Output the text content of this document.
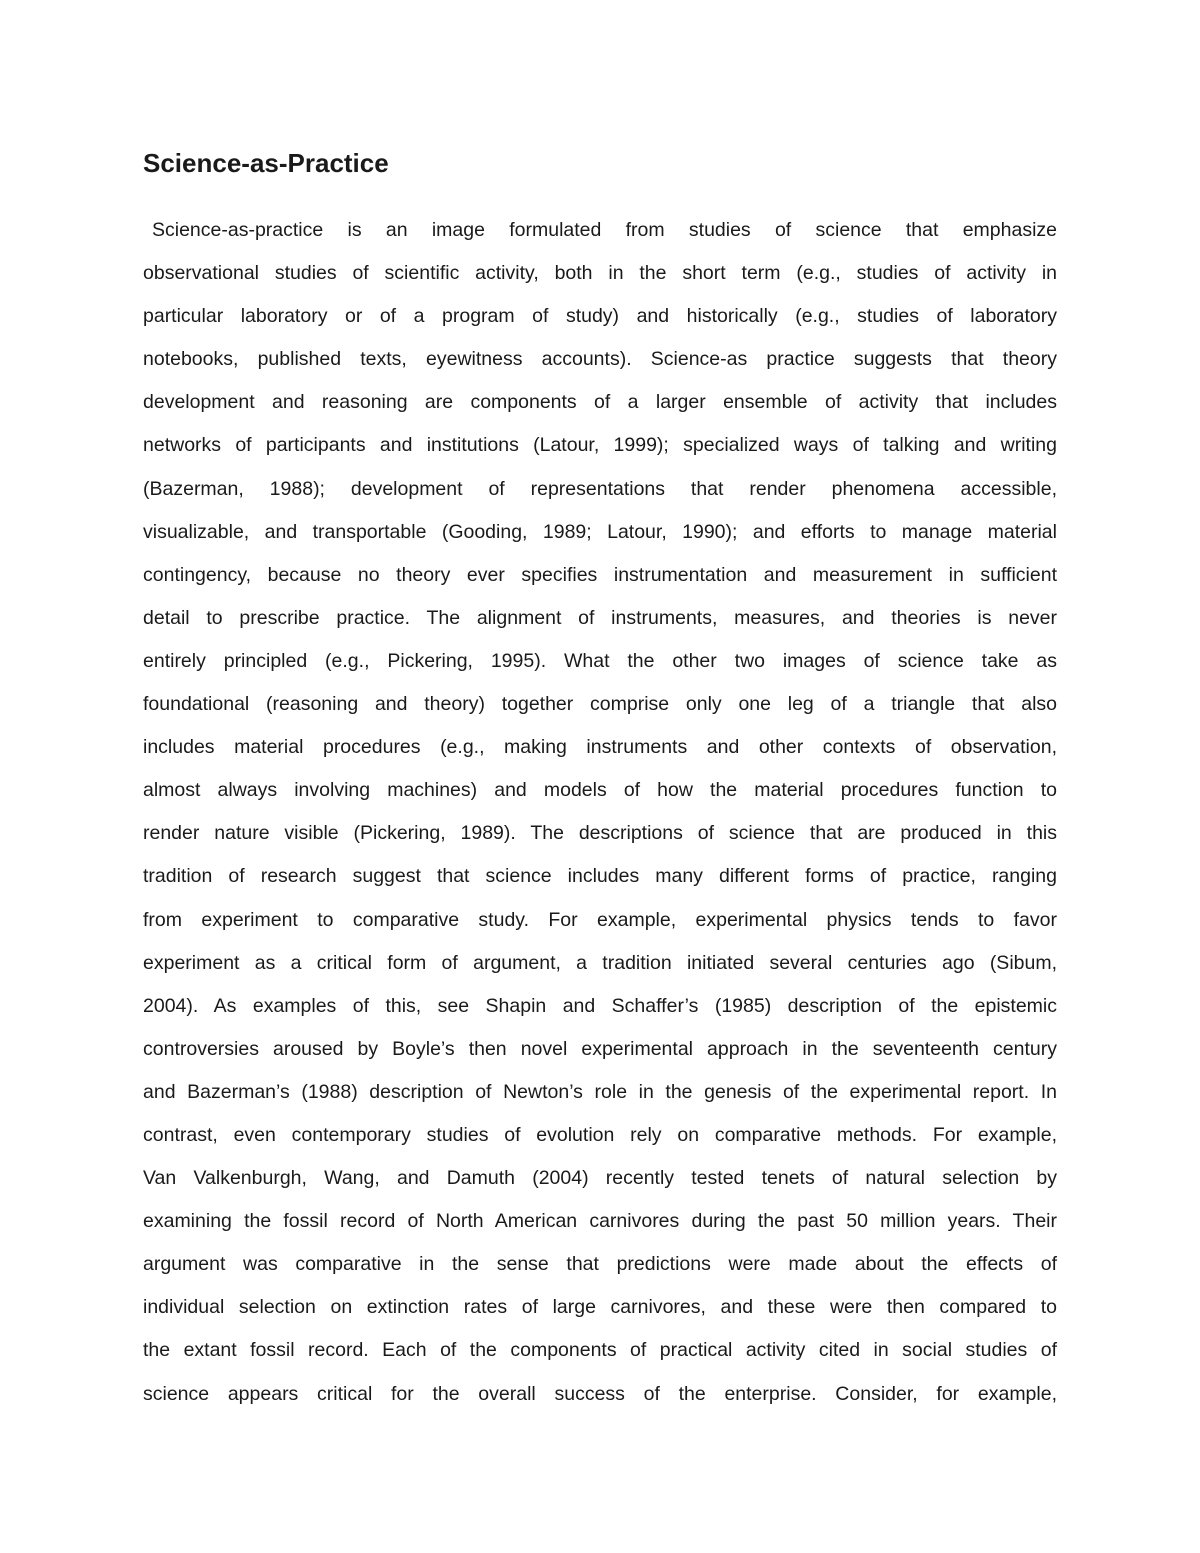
Science-as-Practice
Science-as-practice is an image formulated from studies of science that emphasize
observational studies of scientific activity, both in the short term (e.g., studies of activity in
particular laboratory or of a program of study) and historically (e.g., studies of laboratory
notebooks, published texts, eyewitness accounts). Science-as practice suggests that theory
development and reasoning are components of a larger ensemble of activity that includes
networks of participants and institutions (Latour, 1999); specialized ways of talking and writing
(Bazerman, 1988); development of representations that render phenomena accessible,
visualizable, and transportable (Gooding, 1989; Latour, 1990); and efforts to manage material
contingency, because no theory ever specifies instrumentation and measurement in sufficient
detail to prescribe practice. The alignment of instruments, measures, and theories is never
entirely principled (e.g., Pickering, 1995). What the other two images of science take as
foundational (reasoning and theory) together comprise only one leg of a triangle that also
includes material procedures (e.g., making instruments and other contexts of observation,
almost always involving machines) and models of how the material procedures function to
render nature visible (Pickering, 1989). The descriptions of science that are produced in this
tradition of research suggest that science includes many different forms of practice, ranging
from experiment to comparative study. For example, experimental physics tends to favor
experiment as a critical form of argument, a tradition initiated several centuries ago (Sibum,
2004). As examples of this, see Shapin and Schaffer’s (1985) description of the epistemic
controversies aroused by Boyle’s then novel experimental approach in the seventeenth century
and Bazerman’s (1988) description of Newton’s role in the genesis of the experimental report. In
contrast, even contemporary studies of evolution rely on comparative methods. For example,
Van Valkenburgh, Wang, and Damuth (2004) recently tested tenets of natural selection by
examining the fossil record of North American carnivores during the past 50 million years. Their
argument was comparative in the sense that predictions were made about the effects of
individual selection on extinction rates of large carnivores, and these were then compared to
the extant fossil record. Each of the components of practical activity cited in social studies of
science appears critical for the overall success of the enterprise. Consider, for example,
